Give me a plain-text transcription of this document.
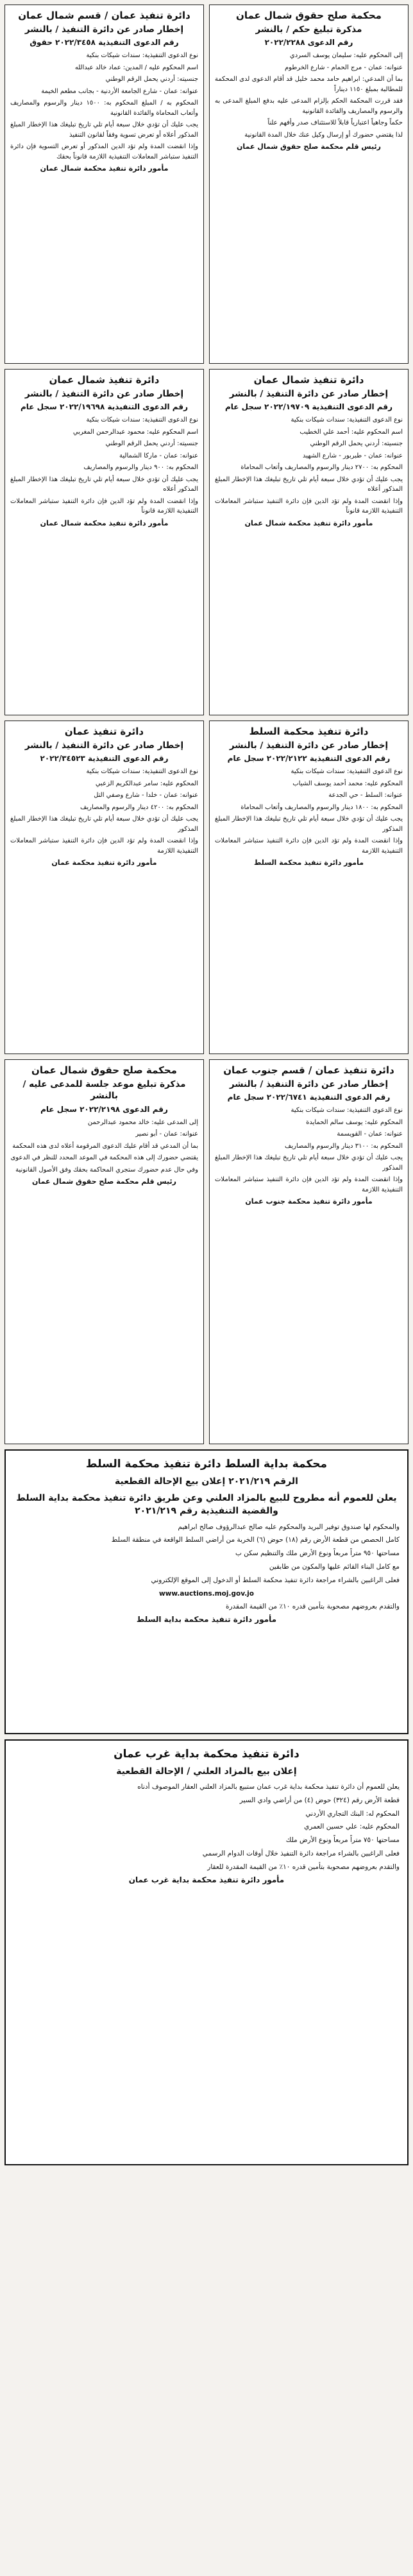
محكمة صلح حقوق شمال عمان
مذكرة تبليغ حكم / بالنشر
رقم الدعوى ٢٠٢٢/٢٢٨٨

إلى المحكوم عليه: سليمان يوسف السردي

عنوانه: عمان - مرج الحمام - شارع الخرطوم

بما أن المدعي: ابراهيم حامد محمد خليل قد أقام الدعوى لدى المحكمة للمطالبة بمبلغ ١١٥٠ ديناراً

فقد قررت المحكمة الحكم بإلزام المدعى عليه بدفع المبلغ المدعى به والرسوم والمصاريف والفائدة القانونية

حكماً وجاهياً اعتبارياً قابلاً للاستئناف صدر وأفهم علناً

لذا يقتضي حضورك أو إرسال وكيل عنك خلال المدة القانونية

رئيس قلم محكمة صلح حقوق شمال عمان
دائرة تنفيذ عمان / قسم شمال عمان
إخطار صادر عن دائرة التنفيذ / بالنشر
رقم الدعوى التنفيذية ٢٠٢٢/٣٤٥٨ حقوق

نوع الدعوى التنفيذية: سندات شيكات بنكية

اسم المحكوم عليه / المدين: عماد خالد عبدالله

جنسيته: أردني يحمل الرقم الوطني

عنوانه: عمان - شارع الجامعة الأردنية - بجانب مطعم الخيمة

المحكوم به / المبلغ المحكوم به: ١٥٠٠ دينار والرسوم والمصاريف وأتعاب المحاماة والفائدة القانونية

يجب عليك أن تؤدي خلال سبعة أيام تلي تاريخ تبليغك هذا الإخطار المبلغ المذكور أعلاه أو تعرض تسوية وفقاً لقانون التنفيذ

وإذا انقضت المدة ولم تؤد الدين المذكور أو تعرض التسوية فإن دائرة التنفيذ ستباشر المعاملات التنفيذية اللازمة قانوناً بحقك

مأمور دائرة تنفيذ محكمة شمال عمان
دائرة تنفيذ شمال عمان
إخطار صادر عن دائرة التنفيذ / بالنشر
رقم الدعوى التنفيذية ٢٠٢٢/١٩٧٠٩ سجل عام

نوع الدعوى التنفيذية: سندات شيكات بنكية

اسم المحكوم عليه: أحمد علي الخطيب

جنسيته: أردني يحمل الرقم الوطني

عنوانه: عمان - طبربور - شارع الشهيد

المحكوم به: ٢٧٠٠ دينار والرسوم والمصاريف وأتعاب المحاماة

يجب عليك أن تؤدي خلال سبعة أيام تلي تاريخ تبليغك هذا الإخطار المبلغ المذكور أعلاه

وإذا انقضت المدة ولم تؤد الدين فإن دائرة التنفيذ ستباشر المعاملات التنفيذية اللازمة قانوناً

مأمور دائرة تنفيذ محكمة شمال عمان
دائرة تنفيذ شمال عمان
إخطار صادر عن دائرة التنفيذ / بالنشر
رقم الدعوى التنفيذية ٢٠٢٢/١٩٦٩٨ سجل عام

نوع الدعوى التنفيذية: سندات شيكات بنكية

اسم المحكوم عليه: محمود عبدالرحمن المغربي

جنسيته: أردني يحمل الرقم الوطني

عنوانه: عمان - ماركا الشمالية

المحكوم به: ٩٠٠ دينار والرسوم والمصاريف

يجب عليك أن تؤدي خلال سبعة أيام تلي تاريخ تبليغك هذا الإخطار المبلغ المذكور أعلاه

وإذا انقضت المدة ولم تؤد الدين فإن دائرة التنفيذ ستباشر المعاملات التنفيذية اللازمة قانوناً

مأمور دائرة تنفيذ محكمة شمال عمان
دائرة تنفيذ محكمة السلط
إخطار صادر عن دائرة التنفيذ / بالنشر
رقم الدعوى التنفيذية ٢٠٢٢/٢١٢٢ سجل عام

نوع الدعوى التنفيذية: سندات شيكات بنكية

المحكوم عليه: محمد أحمد يوسف الشياب

عنوانه: السلط - حي الجدعة

المحكوم به: ١٨٠٠ دينار والرسوم والمصاريف وأتعاب المحاماة

يجب عليك أن تؤدي خلال سبعة أيام تلي تاريخ تبليغك هذا الإخطار المبلغ المذكور

وإذا انقضت المدة ولم تؤد الدين فإن دائرة التنفيذ ستباشر المعاملات التنفيذية اللازمة

مأمور دائرة تنفيذ محكمة السلط
دائرة تنفيذ عمان
إخطار صادر عن دائرة التنفيذ / بالنشر
رقم الدعوى التنفيذية ٢٠٢٢/٣٤٥٢٣

نوع الدعوى التنفيذية: سندات شيكات بنكية

المحكوم عليه: سامر عبدالكريم الزعبي

عنوانه: عمان - خلدا - شارع وصفي التل

المحكوم به: ٤٢٠٠ دينار والرسوم والمصاريف

يجب عليك أن تؤدي خلال سبعة أيام تلي تاريخ تبليغك هذا الإخطار المبلغ المذكور

وإذا انقضت المدة ولم تؤد الدين فإن دائرة التنفيذ ستباشر المعاملات التنفيذية اللازمة

مأمور دائرة تنفيذ محكمة عمان
دائرة تنفيذ عمان / قسم جنوب عمان
إخطار صادر عن دائرة التنفيذ / بالنشر
رقم الدعوى التنفيذية ٢٠٢٢/٦٧٤١ سجل عام

نوع الدعوى التنفيذية: سندات شيكات بنكية

المحكوم عليه: يوسف سالم الحمايدة

عنوانه: عمان - القويسمة

المحكوم به: ٣١٠٠ دينار والرسوم والمصاريف

يجب عليك أن تؤدي خلال سبعة أيام تلي تاريخ تبليغك هذا الإخطار المبلغ المذكور

وإذا انقضت المدة ولم تؤد الدين فإن دائرة التنفيذ ستباشر المعاملات التنفيذية اللازمة

مأمور دائرة تنفيذ محكمة جنوب عمان
محكمة صلح حقوق شمال عمان
مذكرة تبليغ موعد جلسة للمدعى عليه / بالنشر
رقم الدعوى ٢٠٢٢/٢١٩٨ سجل عام

إلى المدعى عليه: خالد محمود عبدالرحمن

عنوانه: عمان - أبو نصير

بما أن المدعي قد أقام عليك الدعوى المرقومة أعلاه لدى هذه المحكمة

يقتضي حضورك إلى هذه المحكمة في الموعد المحدد للنظر في الدعوى

وفي حال عدم حضورك ستجري المحاكمة بحقك وفق الأصول القانونية

رئيس قلم محكمة صلح حقوق شمال عمان
محكمة بداية السلط دائرة تنفيذ محكمة السلط
الرقم ٢٠٢١/٢١٩ إعلان بيع الإحالة القطعية
يعلن للعموم أنه مطروح للبيع بالمزاد العلني وعن طريق دائرة تنفيذ محكمة بداية السلط والقضية التنفيذية رقم ٢٠٢١/٢١٩

والمحكوم لها صندوق توفير البريد والمحكوم عليه صالح عبدالرؤوف صالح ابراهيم

كامل الحصص من قطعة الأرض رقم (١٨) حوض (٦) الخربة من أراضي السلط الواقعة في منطقة السلط

مساحتها ٩٥٠ متراً مربعاً ونوع الأرض ملك والتنظيم سكن ب

مع كامل البناء القائم عليها والمكون من طابقين

فعلى الراغبين بالشراء مراجعة دائرة تنفيذ محكمة السلط أو الدخول إلى الموقع الإلكتروني

www.auctions.moj.gov.jo

والتقدم بعروضهم مصحوبة بتأمين قدره ١٠٪ من القيمة المقدرة

مأمور دائرة تنفيذ محكمة بداية السلط
دائرة تنفيذ محكمة بداية غرب عمان
إعلان بيع بالمزاد العلني / الإحالة القطعية

يعلن للعموم أن دائرة تنفيذ محكمة بداية غرب عمان ستبيع بالمزاد العلني العقار الموصوف أدناه

قطعة الأرض رقم (٣٢٤) حوض (٤) من أراضي وادي السير

المحكوم له: البنك التجاري الأردني

المحكوم عليه: علي حسين العمري

مساحتها ٧٥٠ متراً مربعاً ونوع الأرض ملك

فعلى الراغبين بالشراء مراجعة دائرة التنفيذ خلال أوقات الدوام الرسمي

والتقدم بعروضهم مصحوبة بتأمين قدره ١٠٪ من القيمة المقدرة للعقار

مأمور دائرة تنفيذ محكمة بداية غرب عمان
